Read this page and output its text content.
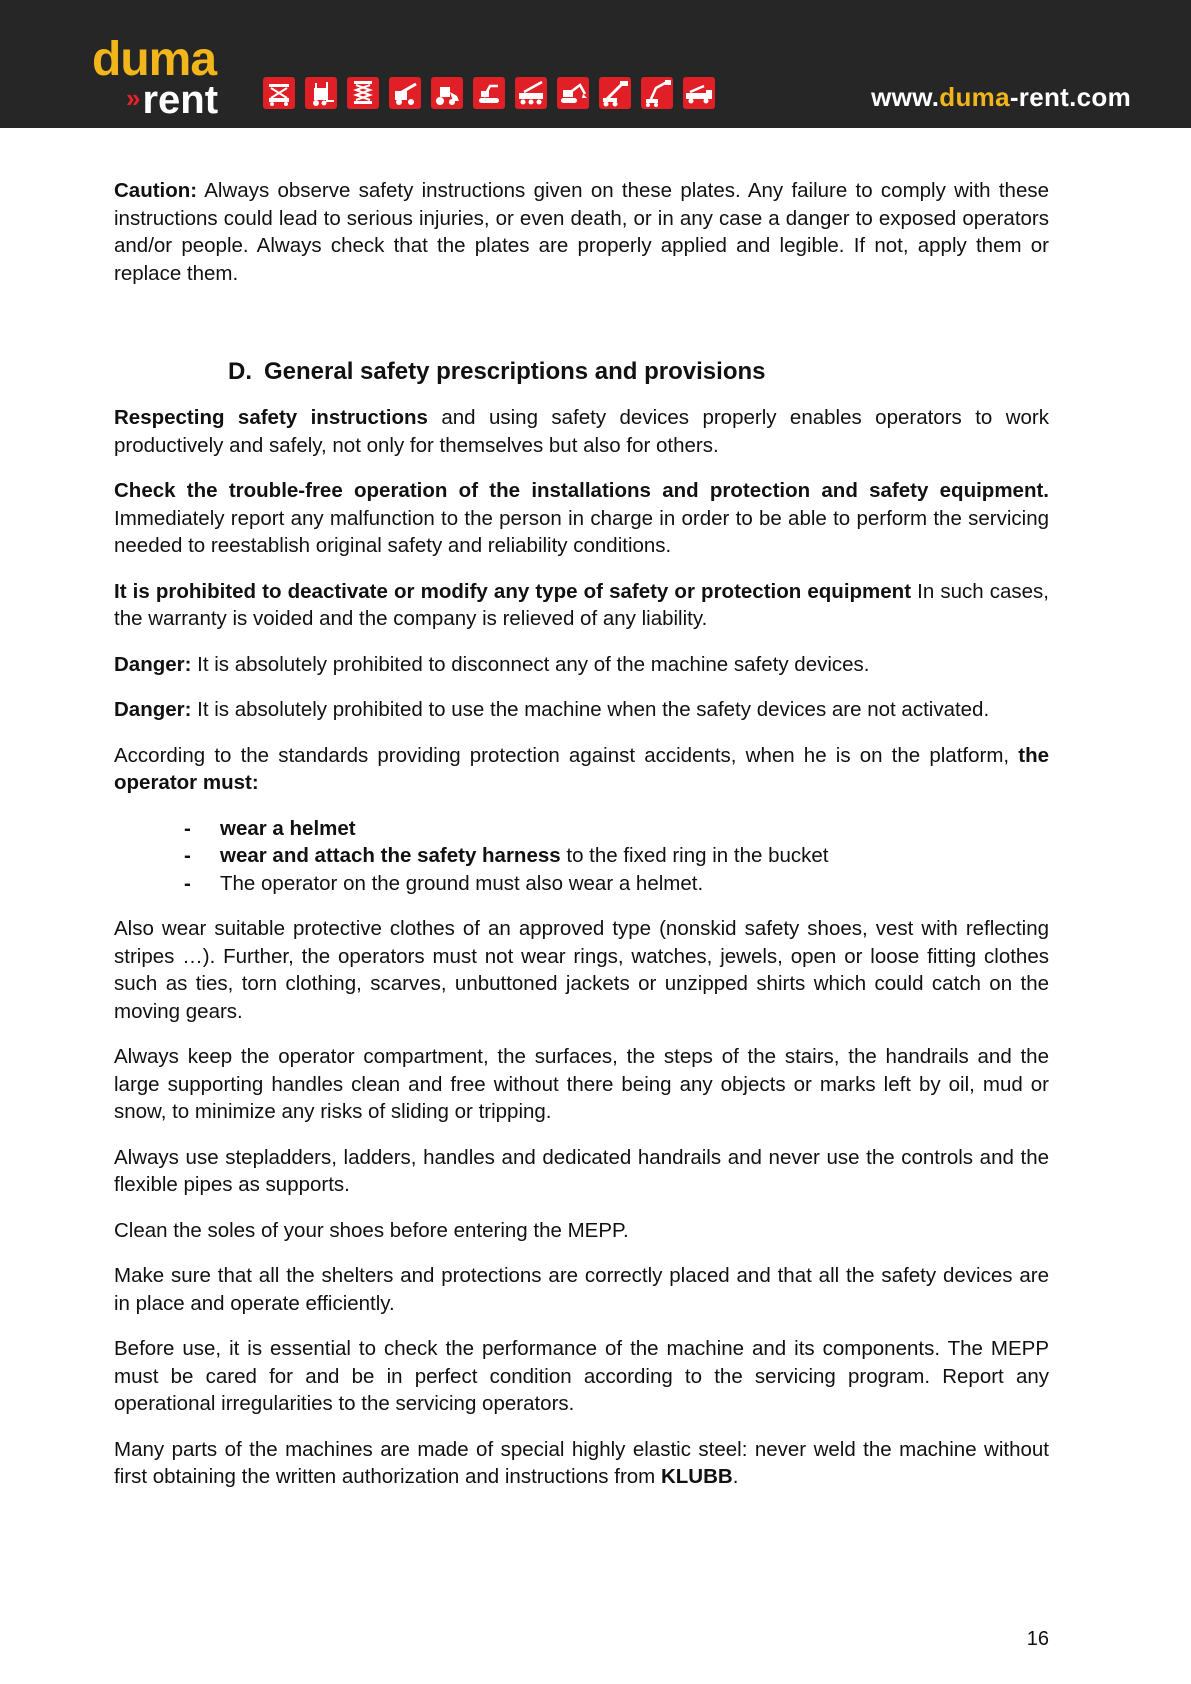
duma
»rent	www.duma-rent.com

Caution: Always observe safety instructions given on these plates. Any failure to comply with these instructions could lead to serious injuries, or even death, or in any case a danger to exposed operators and/or people. Always check that the plates are properly applied and legible. If not, apply them or replace them.

D. General safety prescriptions and provisions

Respecting safety instructions and using safety devices properly enables operators to work productively and safely, not only for themselves but also for others.

Check the trouble-free operation of the installations and protection and safety equipment. Immediately report any malfunction to the person in charge in order to be able to perform the servicing needed to reestablish original safety and reliability conditions.

It is prohibited to deactivate or modify any type of safety or protection equipment In such cases, the warranty is voided and the company is relieved of any liability.

Danger: It is absolutely prohibited to disconnect any of the machine safety devices.

Danger: It is absolutely prohibited to use the machine when the safety devices are not activated.

According to the standards providing protection against accidents, when he is on the platform, the operator must:

- wear a helmet
- wear and attach the safety harness to the fixed ring in the bucket
- The operator on the ground must also wear a helmet.

Also wear suitable protective clothes of an approved type (nonskid safety shoes, vest with reflecting stripes …). Further, the operators must not wear rings, watches, jewels, open or loose fitting clothes such as ties, torn clothing, scarves, unbuttoned jackets or unzipped shirts which could catch on the moving gears.

Always keep the operator compartment, the surfaces, the steps of the stairs, the handrails and the large supporting handles clean and free without there being any objects or marks left by oil, mud or snow, to minimize any risks of sliding or tripping.

Always use stepladders, ladders, handles and dedicated handrails and never use the controls and the flexible pipes as supports.

Clean the soles of your shoes before entering the MEPP.

Make sure that all the shelters and protections are correctly placed and that all the safety devices are in place and operate efficiently.

Before use, it is essential to check the performance of the machine and its components. The MEPP must be cared for and be in perfect condition according to the servicing program. Report any operational irregularities to the servicing operators.

Many parts of the machines are made of special highly elastic steel: never weld the machine without first obtaining the written authorization and instructions from KLUBB.

16
